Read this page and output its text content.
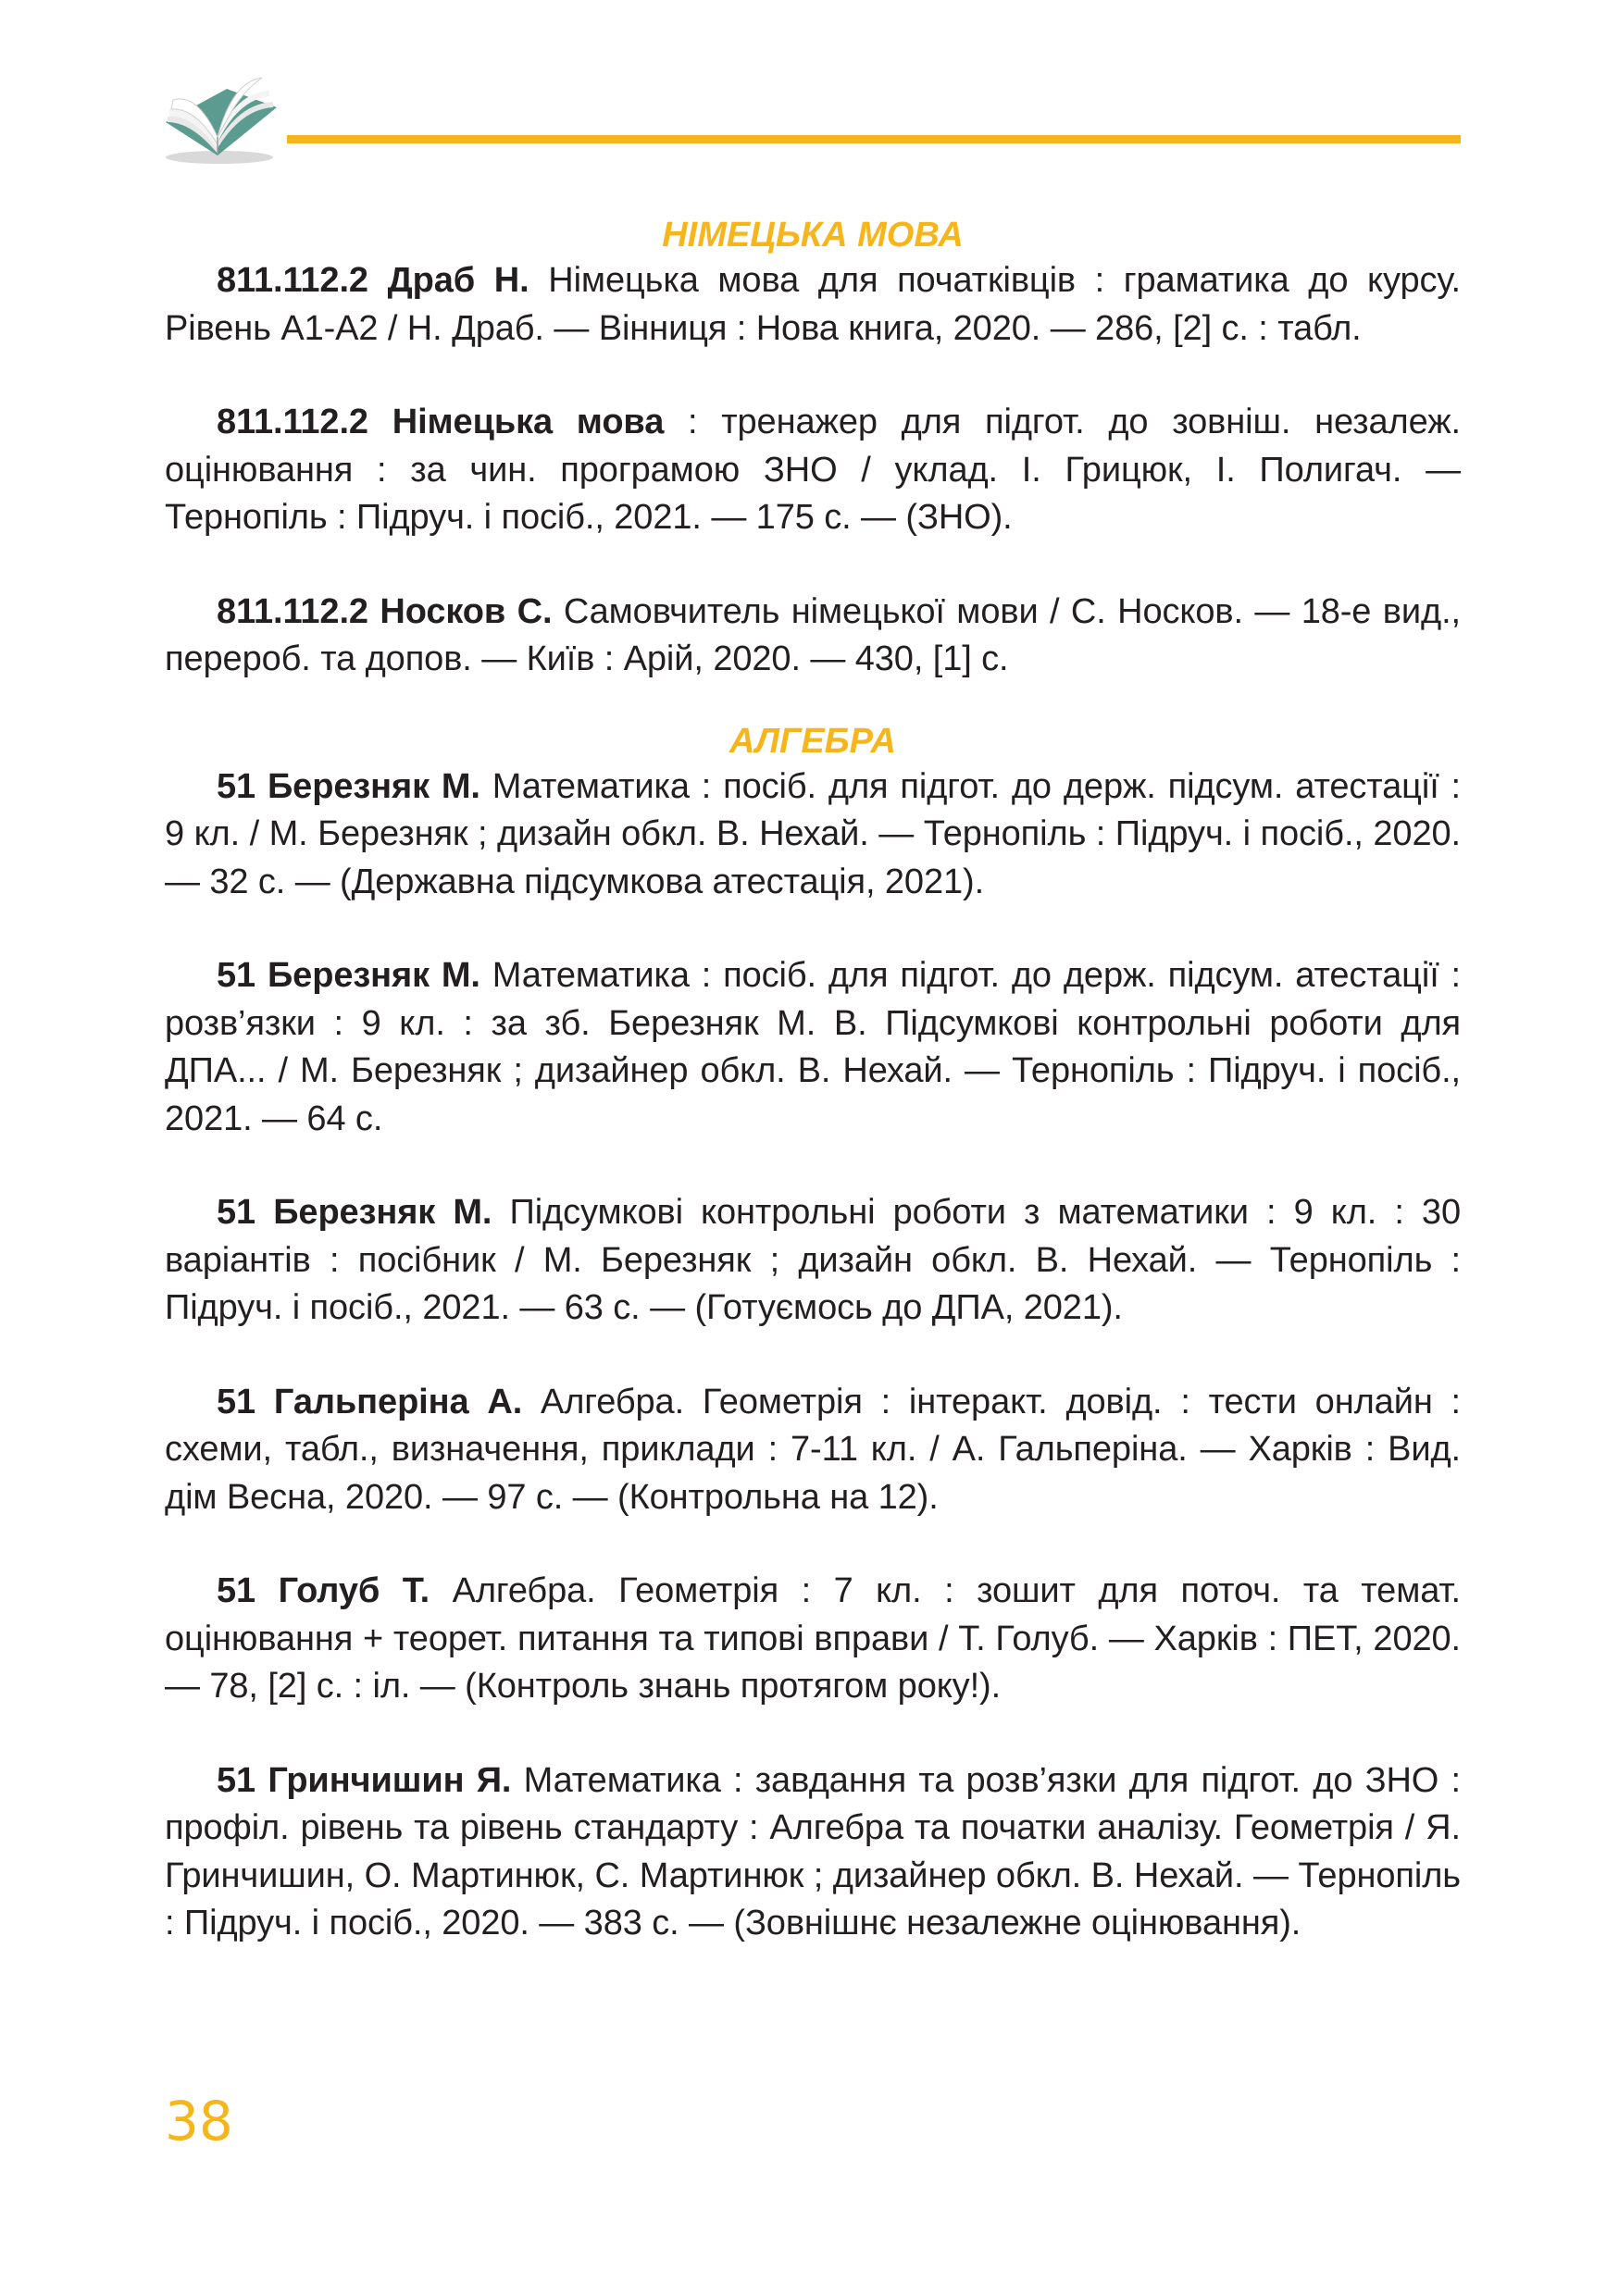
НІМЕЦЬКА МОВА

811.112.2 Драб Н. Німецька мова для початківців : граматика до курсу. Рівень А1-А2 / Н. Драб. — Вінниця : Нова книга, 2020. — 286, [2] с. : табл.

811.112.2 Німецька мова : тренажер для підгот. до зовніш. незалеж. оцінювання : за чин. програмою ЗНО / уклад. І. Грицюк, І. Полигач. — Тернопіль : Підруч. і посіб., 2021. — 175 с. — (ЗНО).

811.112.2 Носков С. Самовчитель німецької мови / С. Носков. — 18-е вид., перероб. та допов. — Київ : Арій, 2020. — 430, [1] с.

АЛГЕБРА

51 Березняк М. Математика : посіб. для підгот. до держ. підсум. атестації : 9 кл. / М. Березняк ; дизайн обкл. В. Нехай. — Тернопіль : Підруч. і посіб., 2020. — 32 с. — (Державна підсумкова атестація, 2021).

51 Березняк М. Математика : посіб. для підгот. до держ. підсум. атестації : розв’язки : 9 кл. : за зб. Березняк М. В. Підсумкові контрольні роботи для ДПА... / М. Березняк ; дизайнер обкл. В. Нехай. — Тернопіль : Підруч. і посіб., 2021. — 64 с.

51 Березняк М. Підсумкові контрольні роботи з математики : 9 кл. : 30 варіантів : посібник / М. Березняк ; дизайн обкл. В. Нехай. — Тернопіль : Підруч. і посіб., 2021. — 63 с. — (Готуємось до ДПА, 2021).

51 Гальперіна А. Алгебра. Геометрія : інтеракт. довід. : тести онлайн : схеми, табл., визначення, приклади : 7-11 кл. / А. Гальперіна. — Харків : Вид. дім Весна, 2020. — 97 с. — (Контрольна на 12).

51 Голуб Т. Алгебра. Геометрія : 7 кл. : зошит для поточ. та темат. оцінювання + теорет. питання та типові вправи / Т. Голуб. — Харків : ПЕТ, 2020. — 78, [2] с. : іл. — (Контроль знань протягом року!).

51 Гринчишин Я. Математика : завдання та розв’язки для підгот. до ЗНО : профіл. рівень та рівень стандарту : Алгебра та початки аналізу. Геометрія / Я. Гринчишин, О. Мартинюк, С. Мартинюк ; дизайнер обкл. В. Нехай. — Тернопіль : Підруч. і посіб., 2020. — 383 с. — (Зовнішнє незалежне оцінювання).

38
